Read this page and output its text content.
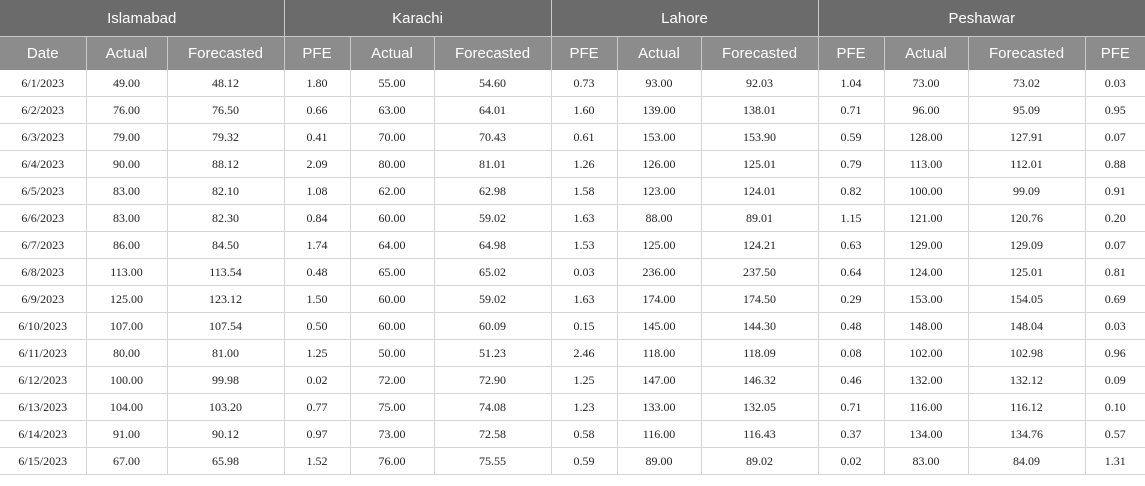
Islamabad			Karachi			Lahore			Peshawar			
Date	Actual	Forecasted	PFE	Actual	Forecasted	PFE	Actual	Forecasted	PFE	Actual	Forecasted	PFE
6/1/2023	49.00	48.12	1.80	55.00	54.60	0.73	93.00	92.03	1.04	73.00	73.02	0.03
6/2/2023	76.00	76.50	0.66	63.00	64.01	1.60	139.00	138.01	0.71	96.00	95.09	0.95
6/3/2023	79.00	79.32	0.41	70.00	70.43	0.61	153.00	153.90	0.59	128.00	127.91	0.07
6/4/2023	90.00	88.12	2.09	80.00	81.01	1.26	126.00	125.01	0.79	113.00	112.01	0.88
6/5/2023	83.00	82.10	1.08	62.00	62.98	1.58	123.00	124.01	0.82	100.00	99.09	0.91
6/6/2023	83.00	82.30	0.84	60.00	59.02	1.63	88.00	89.01	1.15	121.00	120.76	0.20
6/7/2023	86.00	84.50	1.74	64.00	64.98	1.53	125.00	124.21	0.63	129.00	129.09	0.07
6/8/2023	113.00	113.54	0.48	65.00	65.02	0.03	236.00	237.50	0.64	124.00	125.01	0.81
6/9/2023	125.00	123.12	1.50	60.00	59.02	1.63	174.00	174.50	0.29	153.00	154.05	0.69
6/10/2023	107.00	107.54	0.50	60.00	60.09	0.15	145.00	144.30	0.48	148.00	148.04	0.03
6/11/2023	80.00	81.00	1.25	50.00	51.23	2.46	118.00	118.09	0.08	102.00	102.98	0.96
6/12/2023	100.00	99.98	0.02	72.00	72.90	1.25	147.00	146.32	0.46	132.00	132.12	0.09
6/13/2023	104.00	103.20	0.77	75.00	74.08	1.23	133.00	132.05	0.71	116.00	116.12	0.10
6/14/2023	91.00	90.12	0.97	73.00	72.58	0.58	116.00	116.43	0.37	134.00	134.76	0.57
6/15/2023	67.00	65.98	1.52	76.00	75.55	0.59	89.00	89.02	0.02	83.00	84.09	1.31
